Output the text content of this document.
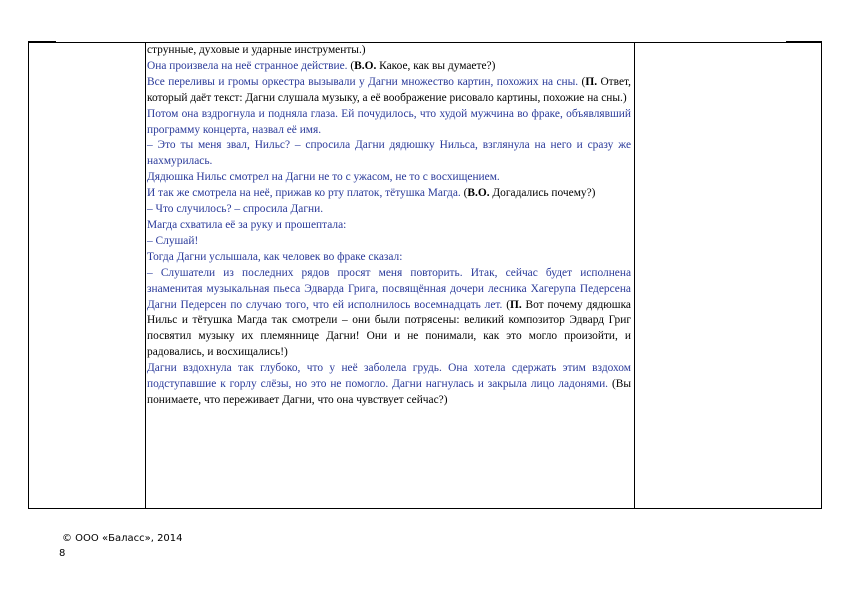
струнные, духовые и ударные инструменты.)

Она произвела на неё странное действие. (В.О. Какое, как вы думаете?)

Все переливы и громы оркестра вызывали у Дагни множество картин, похожих на сны. (П. Ответ, который даёт текст: Дагни слушала музыку, а её воображение рисовало картины, похожие на сны.)

Потом она вздрогнула и подняла глаза. Ей почудилось, что худой мужчина во фраке, объявлявший программу концерта, назвал её имя.

– Это ты меня звал, Нильс? – спросила Дагни дядюшку Нильса, взглянула на него и сразу же нахмурилась.

Дядюшка Нильс смотрел на Дагни не то с ужасом, не то с восхищением.

И так же смотрела на неё, прижав ко рту платок, тётушка Магда. (В.О. Догадались почему?)

– Что случилось? – спросила Дагни.

Магда схватила её за руку и прошептала:

– Слушай!

Тогда Дагни услышала, как человек во фраке сказал:

– Слушатели из последних рядов просят меня повторить. Итак, сейчас будет исполнена знаменитая музыкальная пьеса Эдварда Грига, посвящённая дочери лесника Хагерупа Педерсена Дагни Педерсен по случаю того, что ей исполнилось восемнадцать лет. (П. Вот почему дядюшка Нильс и тётушка Магда так смотрели – они были потрясены: великий композитор Эдвард Григ посвятил музыку их племяннице Дагни! Они и не понимали, как это могло произойти, и радовались, и восхищались!)

Дагни вздохнула так глубоко, что у неё заболела грудь. Она хотела сдержать этим вздохом подступавшие к горлу слёзы, но это не помогло. Дагни нагнулась и закрыла лицо ладонями. (Вы понимаете, что переживает Дагни, что она чувствует сейчас?)

© ООО «Баласс», 2014
8
